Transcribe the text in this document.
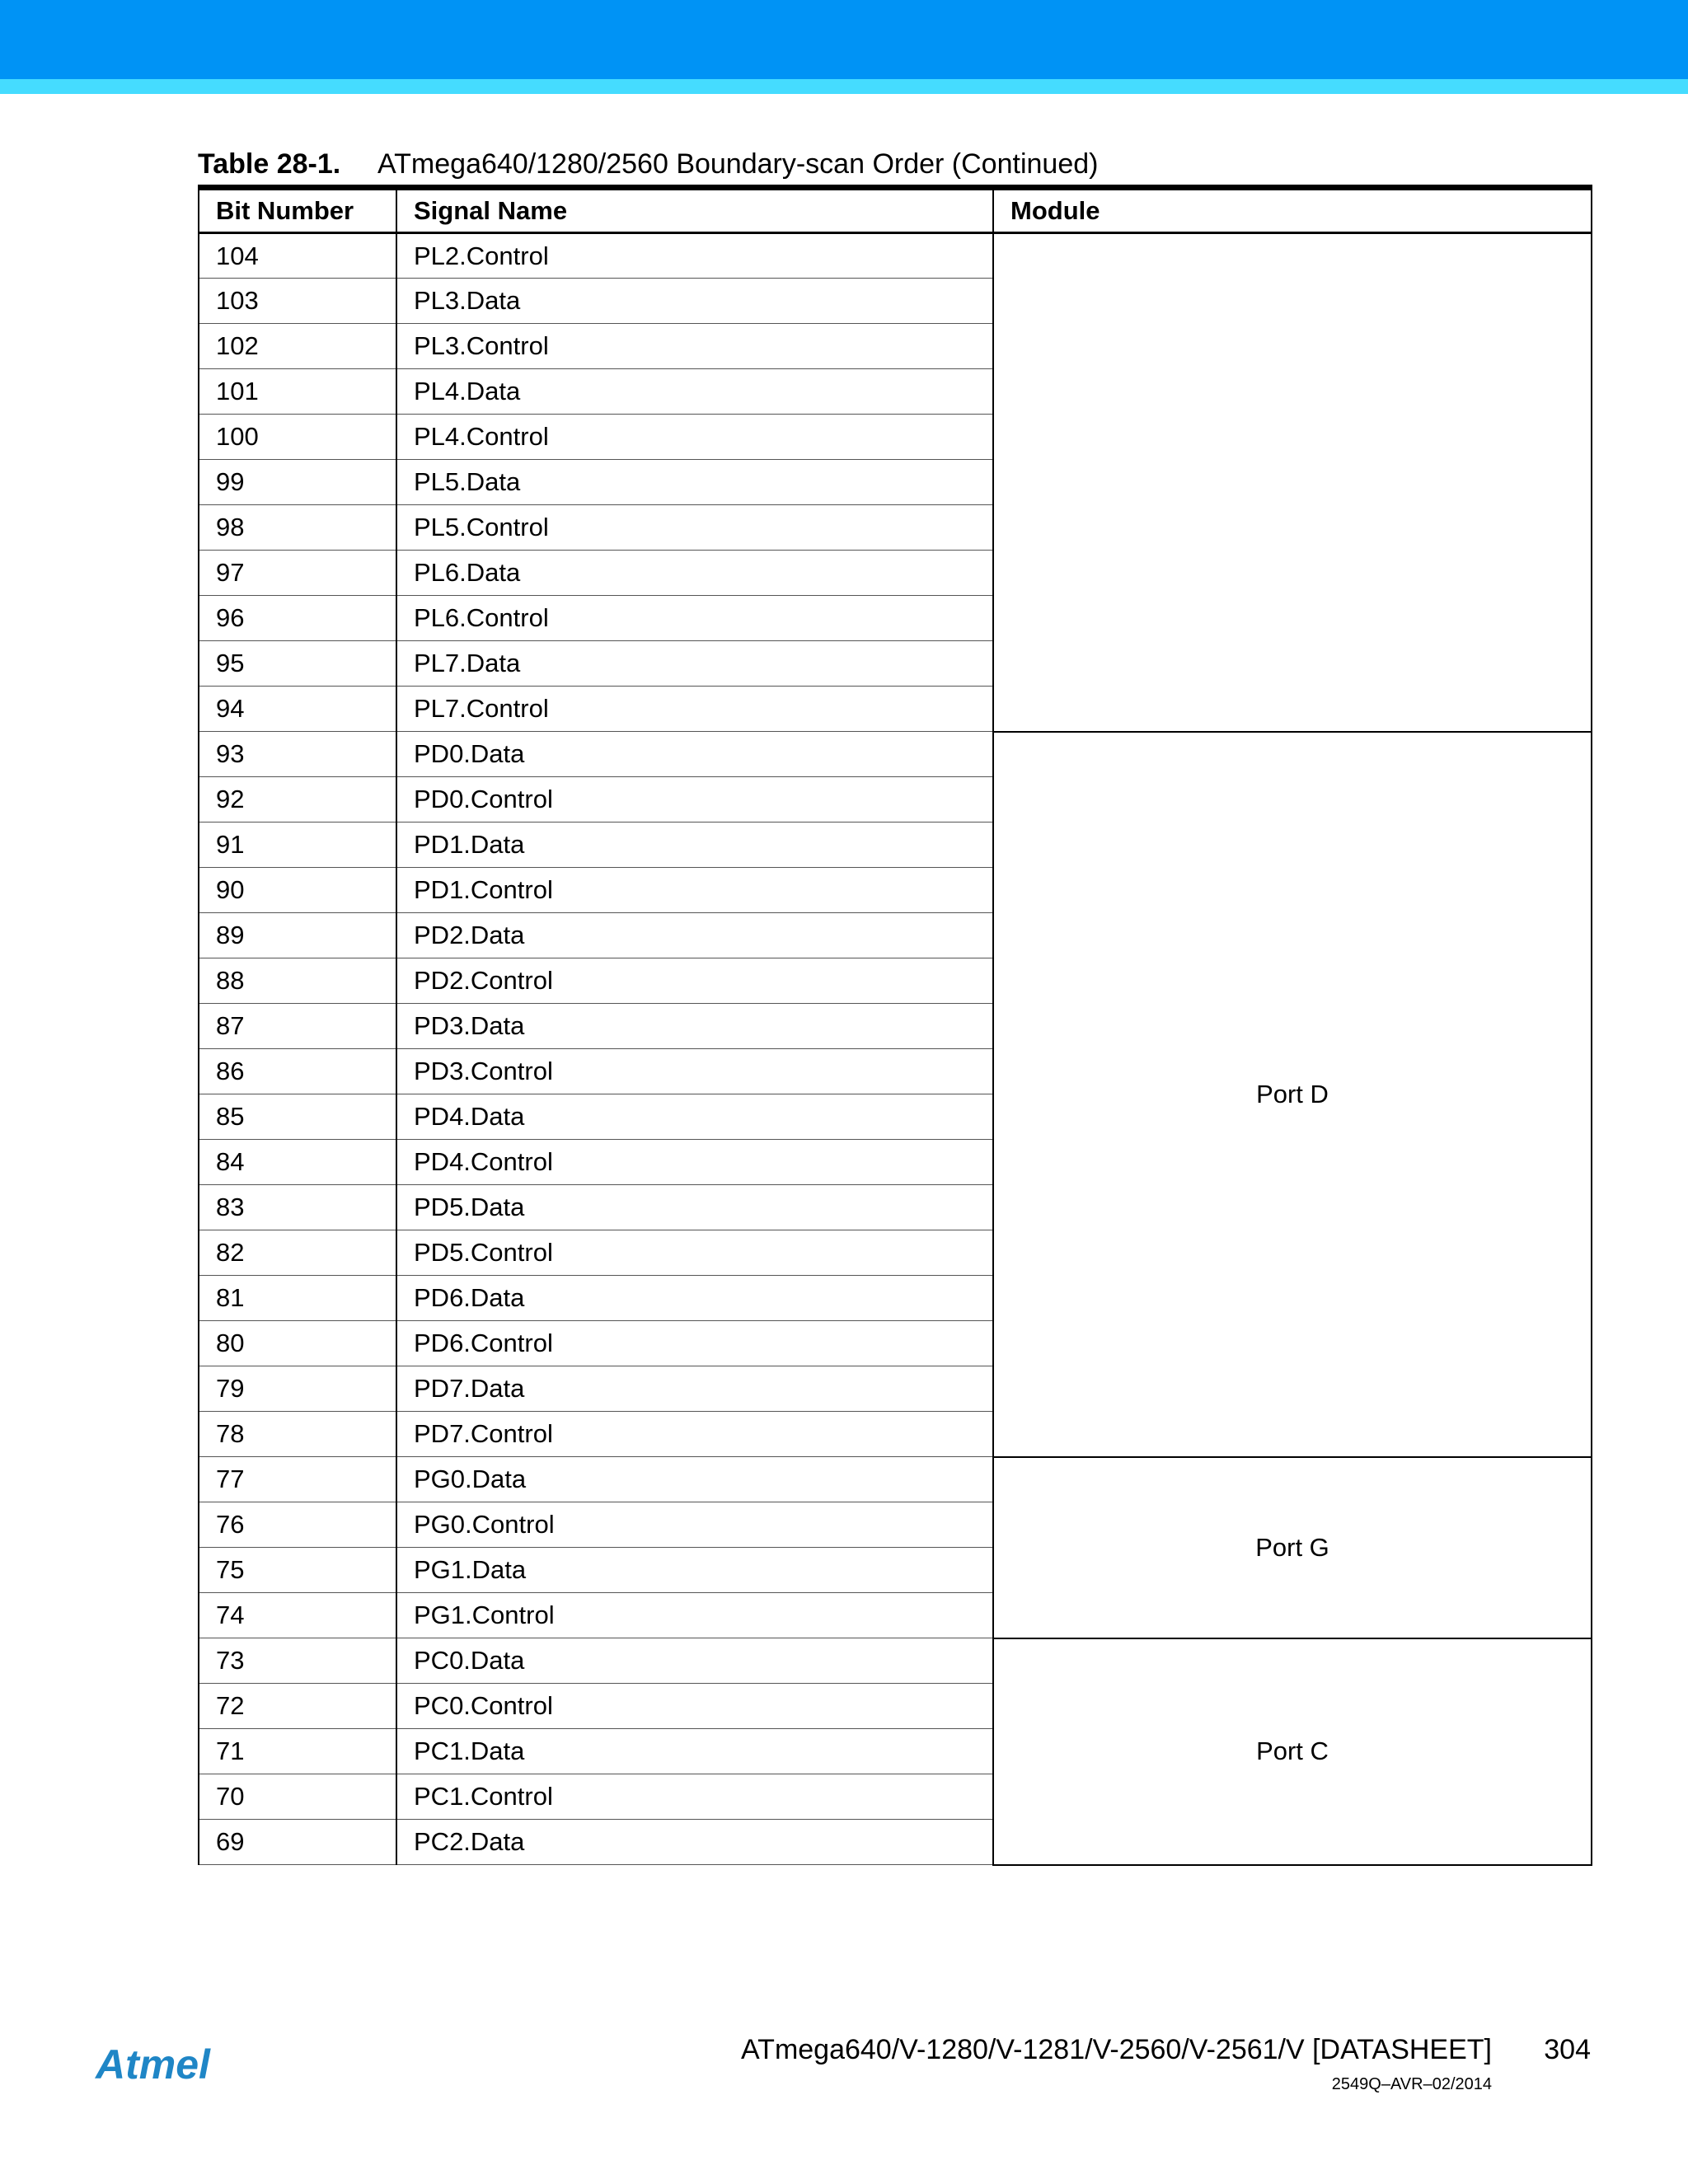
Table 28-1. ATmega640/1280/2560 Boundary-scan Order (Continued)
Bit Number	Signal Name	Module
104	PL2.Control	
103	PL3.Data	
102	PL3.Control	
101	PL4.Data	
100	PL4.Control	
99	PL5.Data	
98	PL5.Control	
97	PL6.Data	
96	PL6.Control	
95	PL7.Data	
94	PL7.Control	
93	PD0.Data	Port D
92	PD0.Control	
91	PD1.Data	
90	PD1.Control	
89	PD2.Data	
88	PD2.Control	
87	PD3.Data	
86	PD3.Control	
85	PD4.Data	
84	PD4.Control	
83	PD5.Data	
82	PD5.Control	
81	PD6.Data	
80	PD6.Control	
79	PD7.Data	
78	PD7.Control	
77	PG0.Data	Port G
76	PG0.Control	
75	PG1.Data	
74	PG1.Control	
73	PC0.Data	Port C
72	PC0.Control	
71	PC1.Data	
70	PC1.Control	
69	PC2.Data	
Atmel	ATmega640/V-1280/V-1281/V-2560/V-2561/V [DATASHEET]	304
2549Q–AVR–02/2014
